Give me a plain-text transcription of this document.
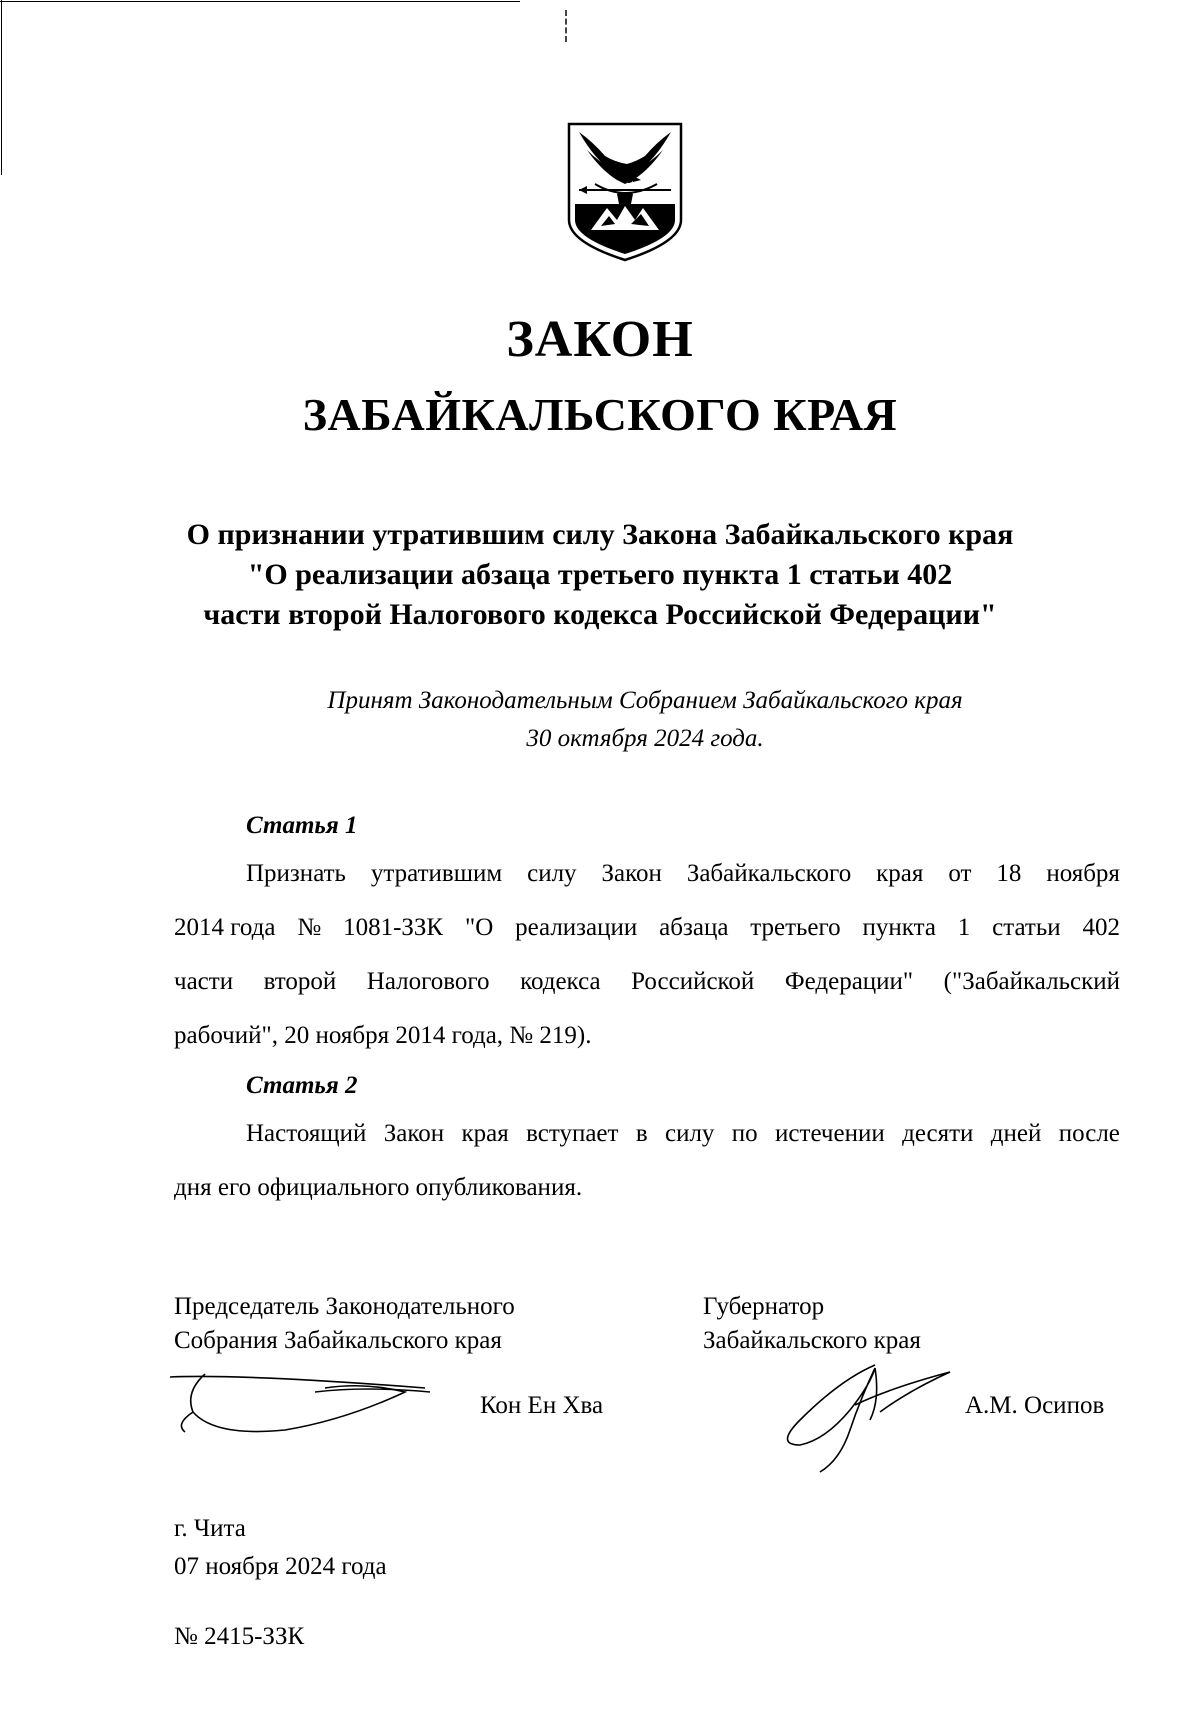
ЗАКОН
ЗАБАЙКАЛЬСКОГО КРАЯ
О признании утратившим силу Закона Забайкальского края
"О реализации абзаца третьего пункта 1 статьи 402
части второй Налогового кодекса Российской Федерации"
Принят Законодательным Собранием Забайкальского края
30 октября 2024 года.
Статья 1
Признать утратившим силу Закон Забайкальского края от 18 ноября
2014 года № 1081-ЗЗК "О реализации абзаца третьего пункта 1 статьи 402
части второй Налогового кодекса Российской Федерации" ("Забайкальский
рабочий", 20 ноября 2014 года, № 219).
Статья 2
Настоящий Закон края вступает в силу по истечении десяти дней после
дня его официального опубликования.
Председатель Законодательного
Собрания Забайкальского края
Кон Ен Хва
Губернатор
Забайкальского края
А.М. Осипов
г. Чита
07 ноября 2024 года
№ 2415-ЗЗК
